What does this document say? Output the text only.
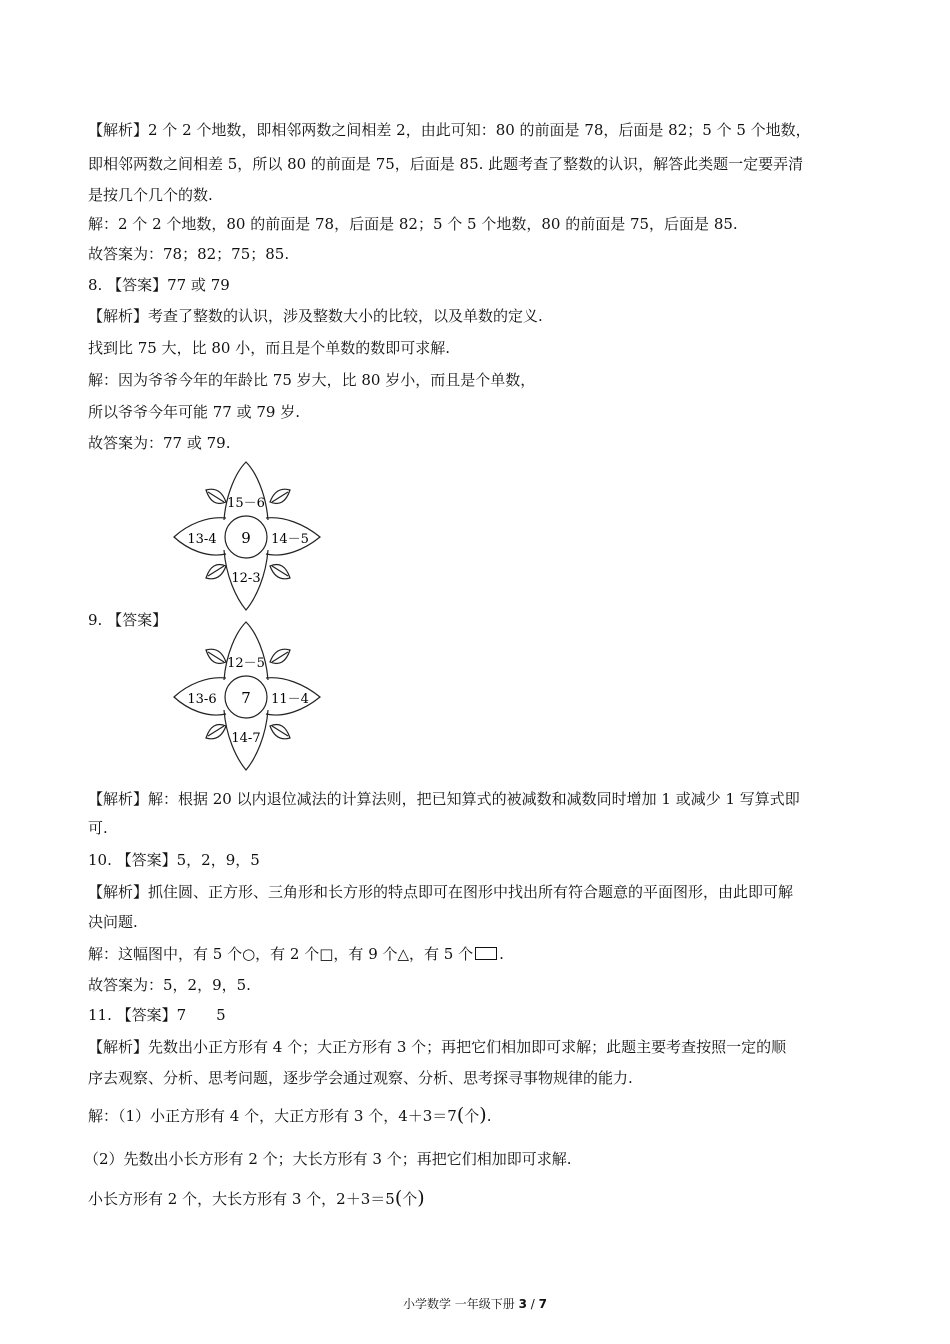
【解析】2 个 2 个地数，即相邻两数之间相差 2，由此可知：80 的前面是 78，后面是 82；5 个 5 个地数，
即相邻两数之间相差 5，所以 80 的前面是 75，后面是 85. 此题考查了整数的认识，解答此类题一定要弄清
是按几个几个的数.
解：2 个 2 个地数，80 的前面是 78，后面是 82；5 个 5 个地数，80 的前面是 75，后面是 85.
故答案为：78；82；75；85.
8. 【答案】77 或 79
【解析】考查了整数的认识，涉及整数大小的比较，以及单数的定义.
找到比 75 大，比 80 小，而且是个单数的数即可求解.
解：因为爷爷今年的年龄比 75 岁大，比 80 岁小，而且是个单数，
所以爷爷今年可能 77 或 79 岁.
故答案为：77 或 79.
15－6
13-4	14－5
12-3
9
9. 【答案】
12－5
13-6	11－4
14-7
7
【解析】解：根据 20 以内退位减法的计算法则，把已知算式的被减数和减数同时增加 1 或减少 1 写算式即
可.
10. 【答案】5，2，9，5
【解析】抓住圆、正方形、三角形和长方形的特点即可在图形中找出所有符合题意的平面图形，由此即可解
决问题.
解：这幅图中，有 5 个○，有 2 个□，有 9 个△，有 5 个 .
故答案为：5，2，9，5.
11. 【答案】7　　5
【解析】先数出小正方形有 4 个；大正方形有 3 个；再把它们相加即可求解；此题主要考查按照一定的顺
序去观察、分析、思考问题，逐步学会通过观察、分析、思考探寻事物规律的能力.
解：（1）小正方形有 4 个，大正方形有 3 个，4＋3＝7(个).
（2）先数出小长方形有 2 个；大长方形有 3 个；再把它们相加即可求解.
小长方形有 2 个，大长方形有 3 个，2＋3＝5(个)
小学数学 一年级下册 3 / 7
